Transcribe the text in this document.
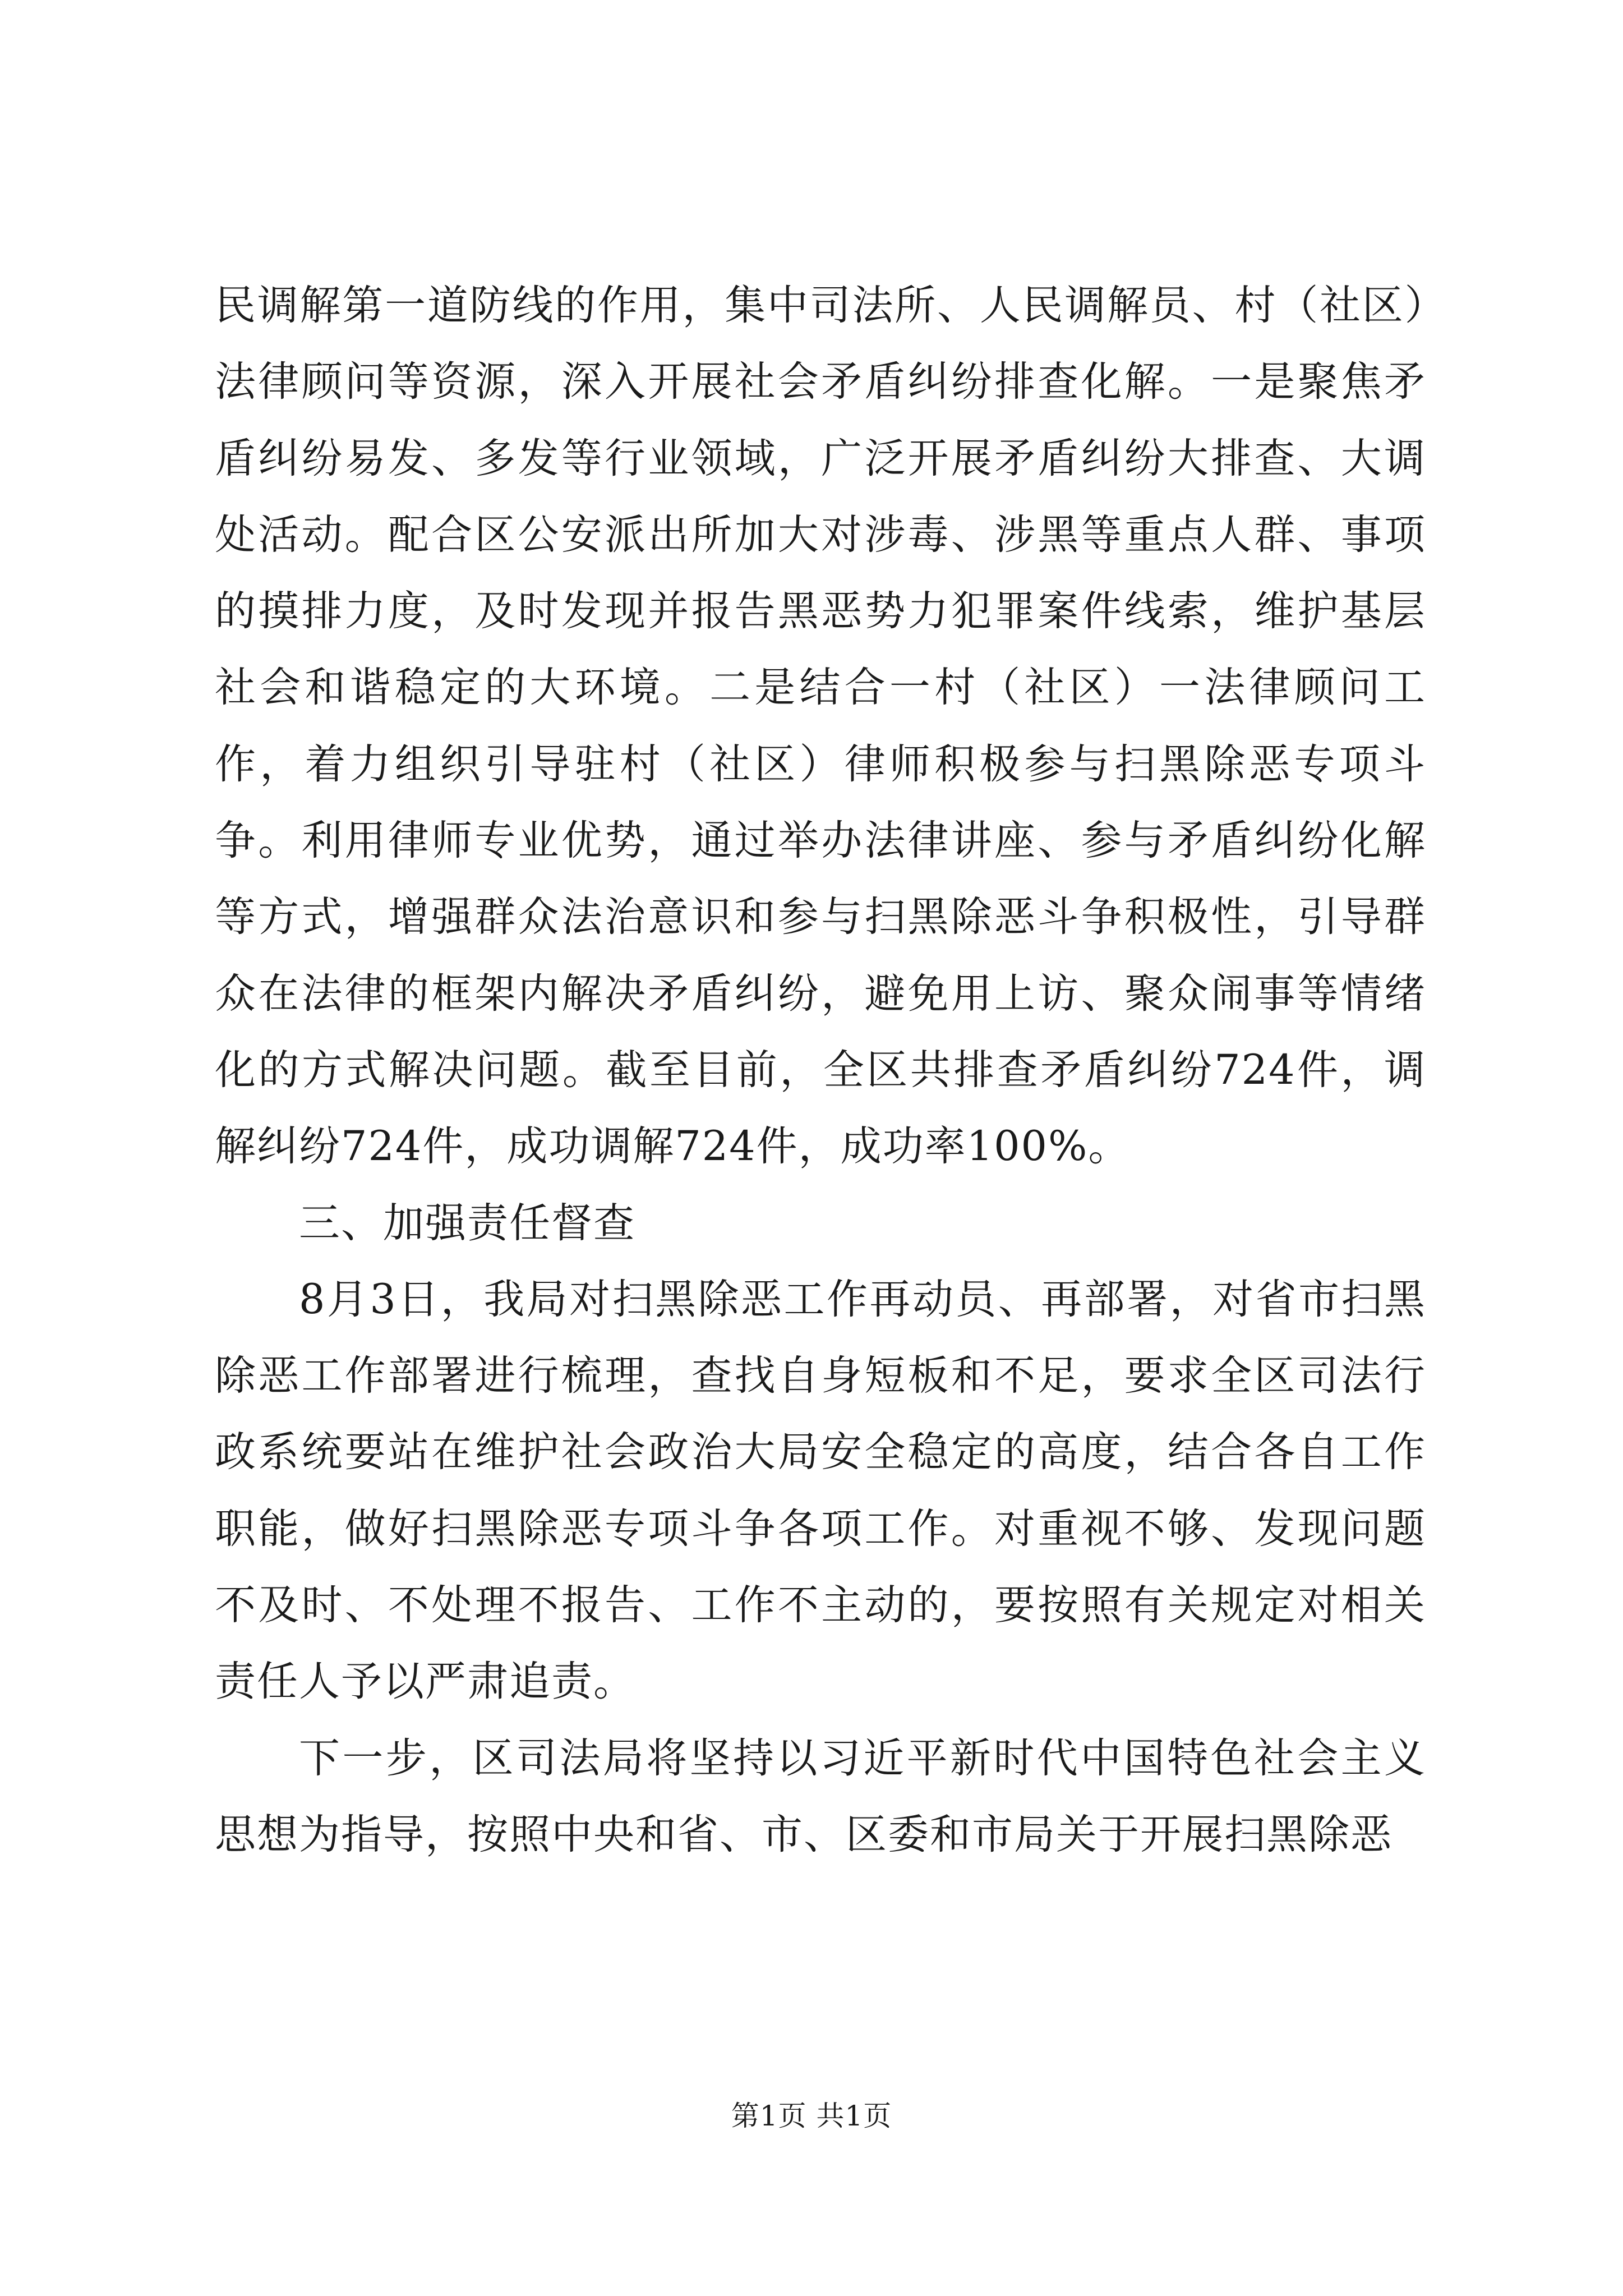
民调解第一道防线的作用，集中司法所、人民调解员、村（社区）法律顾问等资源，深入开展社会矛盾纠纷排查化解。一是聚焦矛盾纠纷易发、多发等行业领域，广泛开展矛盾纠纷大排查、大调处活动。配合区公安派出所加大对涉毒、涉黑等重点人群、事项的摸排力度，及时发现并报告黑恶势力犯罪案件线索，维护基层社会和谐稳定的大环境。二是结合一村（社区）一法律顾问工作，着力组织引导驻村（社区）律师积极参与扫黑除恶专项斗争。利用律师专业优势，通过举办法律讲座、参与矛盾纠纷化解等方式，增强群众法治意识和参与扫黑除恶斗争积极性，引导群众在法律的框架内解决矛盾纠纷，避免用上访、聚众闹事等情绪化的方式解决问题。截至目前，全区共排查矛盾纠纷724件，调解纠纷724件，成功调解724件，成功率100%。

三、加强责任督查

8月3日，我局对扫黑除恶工作再动员、再部署，对省市扫黑除恶工作部署进行梳理，查找自身短板和不足，要求全区司法行政系统要站在维护社会政治大局安全稳定的高度，结合各自工作职能，做好扫黑除恶专项斗争各项工作。对重视不够、发现问题不及时、不处理不报告、工作不主动的，要按照有关规定对相关责任人予以严肃追责。

下一步，区司法局将坚持以习近平新时代中国特色社会主义思想为指导，按照中央和省、市、区委和市局关于开展扫黑除恶

第1页 共1页
